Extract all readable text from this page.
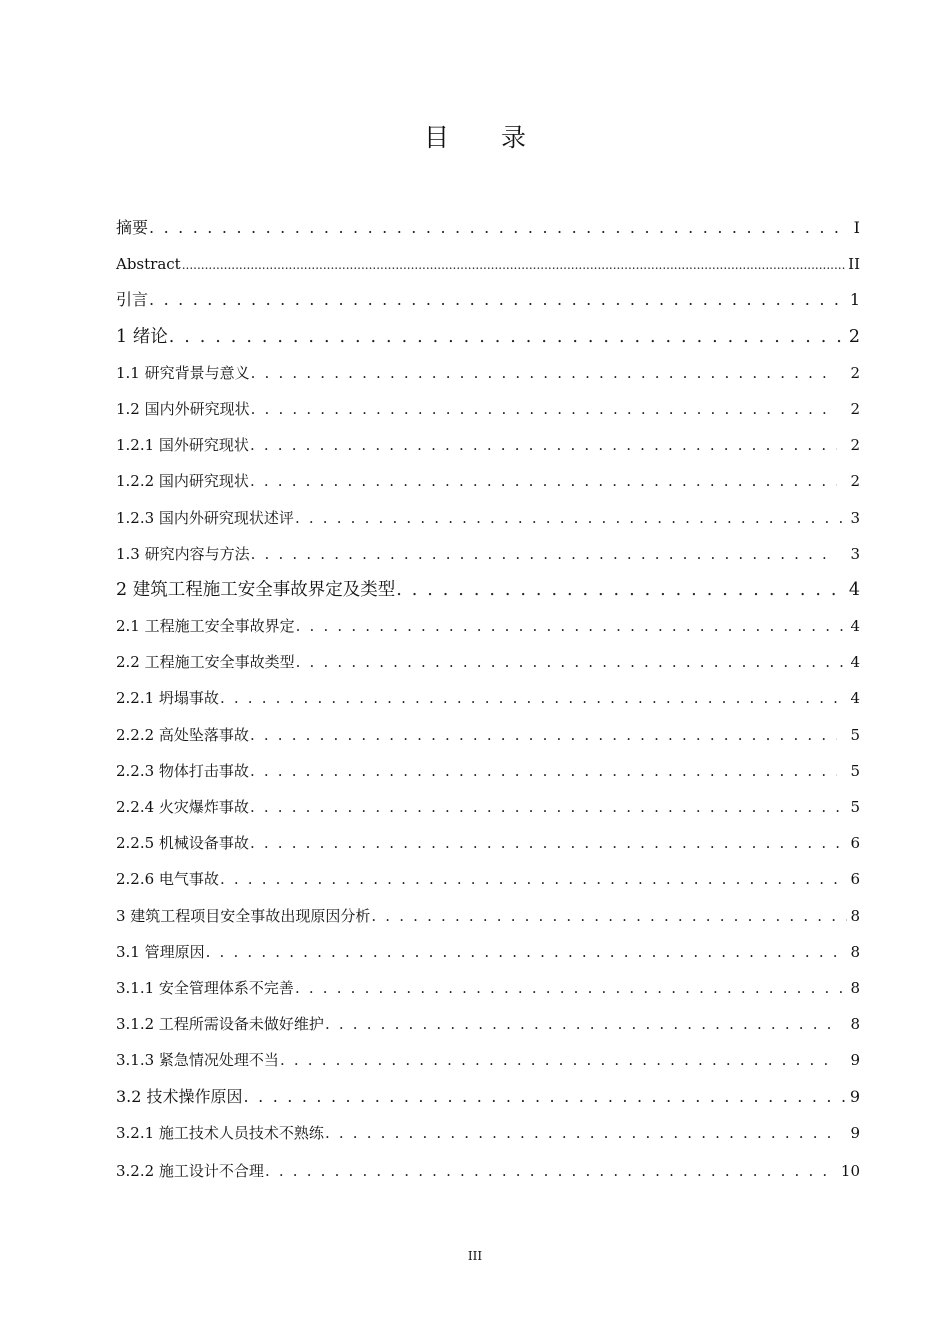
目 录
摘要 . . .	I
Abstract .....	II
引言 . . .	1
1 绪论 . . .	2
1.1 研究背景与意义 . . .	2
1.2 国内外研究现状 . . .	2
1.2.1 国外研究现状 . . .	2
1.2.2 国内研究现状 . . .	2
1.2.3 国内外研究现状述评 . . .	3
1.3 研究内容与方法 . . .	3
2 建筑工程施工安全事故界定及类型 . . .	4
2.1 工程施工安全事故界定 . . .	4
2.2 工程施工安全事故类型 . . .	4
2.2.1 坍塌事故 . . .	4
2.2.2 高处坠落事故 . . .	5
2.2.3 物体打击事故 . . .	5
2.2.4 火灾爆炸事故 . . .	5
2.2.5 机械设备事故 . . .	6
2.2.6 电气事故 . . .	6
3 建筑工程项目安全事故出现原因分析 . . .	8
3.1 管理原因 . . .	8
3.1.1 安全管理体系不完善 . . .	8
3.1.2 工程所需设备未做好维护 . . .	8
3.1.3 紧急情况处理不当 . . .	9
3.2 技术操作原因 . . .	9
3.2.1 施工技术人员技术不熟练 . . .	9
3.2.2 施工设计不合理 . . .	10
III
